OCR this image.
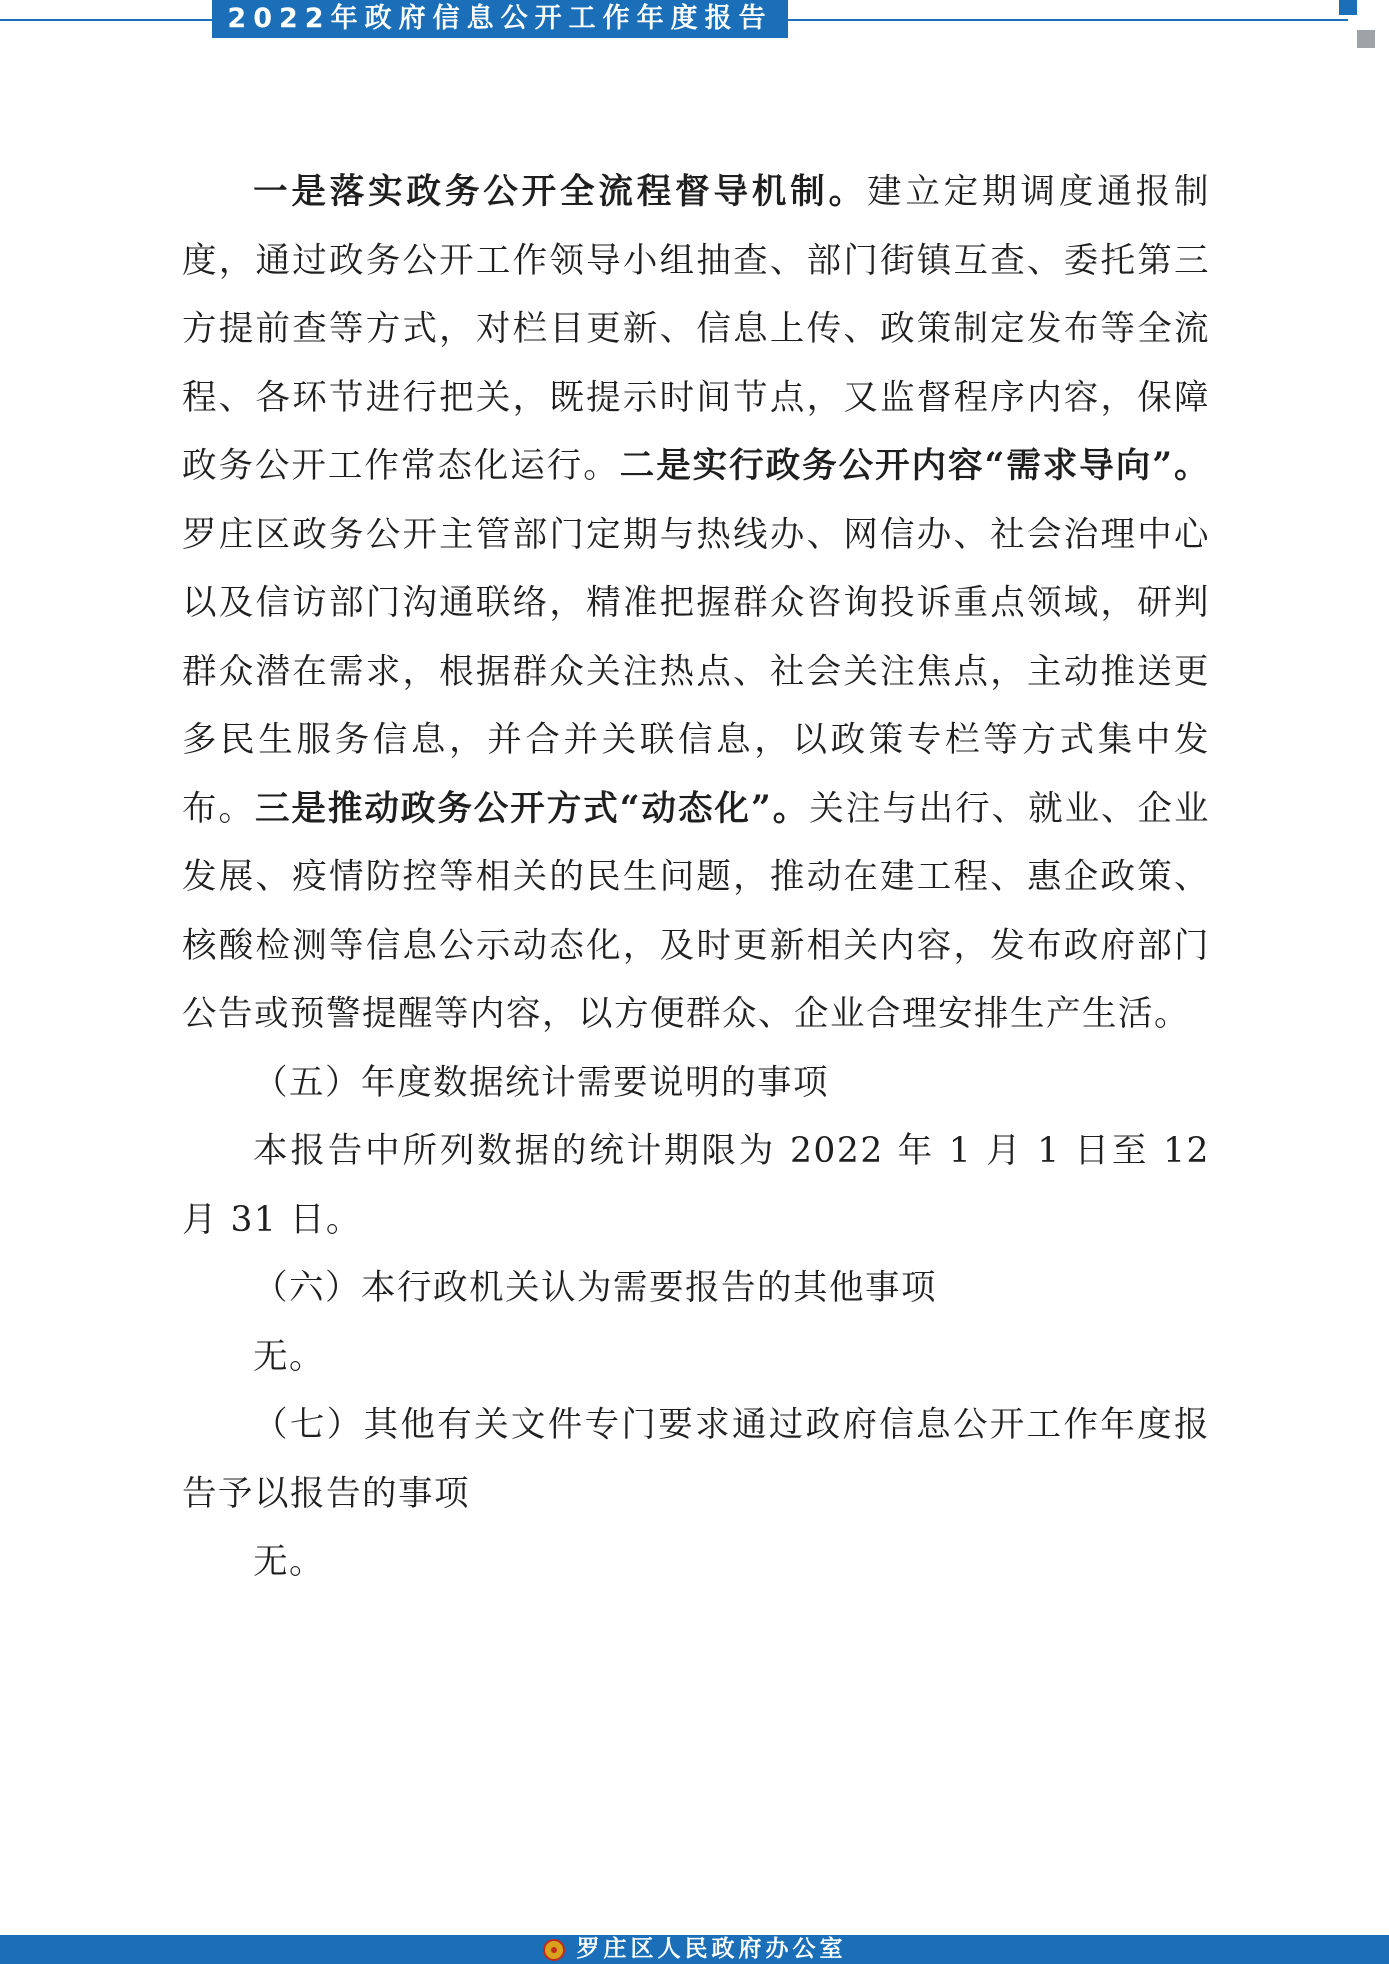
2022年政府信息公开工作年度报告

一是落实政务公开全流程督导机制。建立定期调度通报制度，通过政务公开工作领导小组抽查、部门街镇互查、委托第三方提前查等方式，对栏目更新、信息上传、政策制定发布等全流程、各环节进行把关，既提示时间节点，又监督程序内容，保障政务公开工作常态化运行。二是实行政务公开内容“需求导向”。罗庄区政务公开主管部门定期与热线办、网信办、社会治理中心以及信访部门沟通联络，精准把握群众咨询投诉重点领域，研判群众潜在需求，根据群众关注热点、社会关注焦点，主动推送更多民生服务信息，并合并关联信息，以政策专栏等方式集中发布。三是推动政务公开方式“动态化”。关注与出行、就业、企业发展、疫情防控等相关的民生问题，推动在建工程、惠企政策、核酸检测等信息公示动态化，及时更新相关内容，发布政府部门公告或预警提醒等内容，以方便群众、企业合理安排生产生活。

（五）年度数据统计需要说明的事项

本报告中所列数据的统计期限为 2022 年 1 月 1 日至 12 月 31 日。

（六）本行政机关认为需要报告的其他事项

无。

（七）其他有关文件专门要求通过政府信息公开工作年度报告予以报告的事项

无。

罗庄区人民政府办公室
